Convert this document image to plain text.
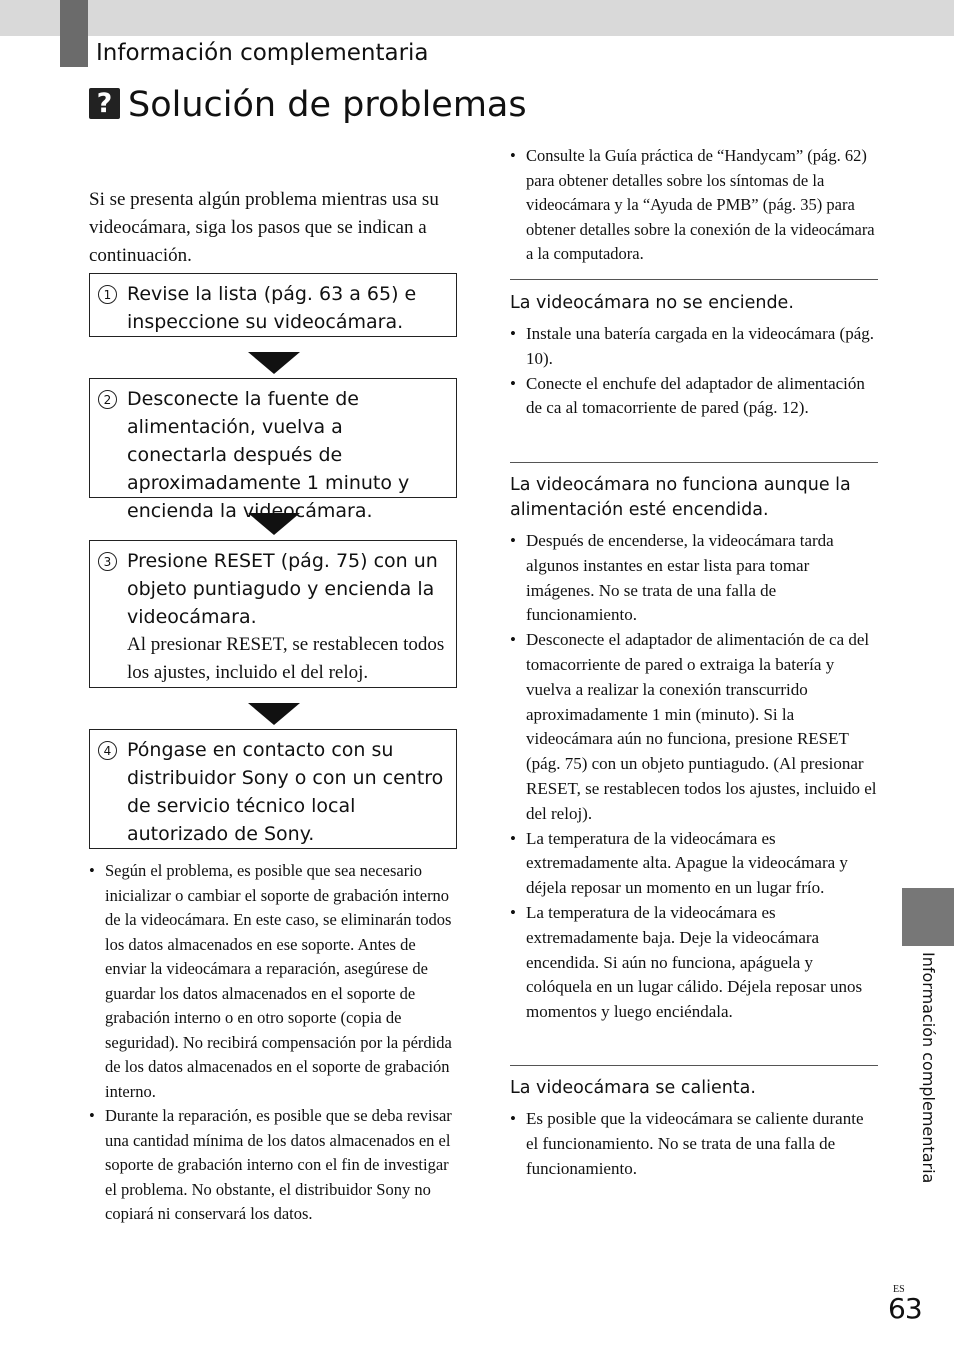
Información complementaria
? Solución de problemas
Si se presenta algún problema mientras usa su videocámara, siga los pasos que se indican a continuación.
1 Revise la lista (pág. 63 a 65) e inspeccione su videocámara.
2 Desconecte la fuente de alimentación, vuelva a conectarla después de aproximadamente 1 minuto y encienda la videocámara.
3 Presione RESET (pág. 75) con un objeto puntiagudo y encienda la videocámara.
Al presionar RESET, se restablecen todos los ajustes, incluido el del reloj.
4 Póngase en contacto con su distribuidor Sony o con un centro de servicio técnico local autorizado de Sony.
• Según el problema, es posible que sea necesario inicializar o cambiar el soporte de grabación interno de la videocámara. En este caso, se eliminarán todos los datos almacenados en ese soporte. Antes de enviar la videocámara a reparación, asegúrese de guardar los datos almacenados en el soporte de grabación interno o en otro soporte (copia de seguridad). No recibirá compensación por la pérdida de los datos almacenados en el soporte de grabación interno.
• Durante la reparación, es posible que se deba revisar una cantidad mínima de los datos almacenados en el soporte de grabación interno con el fin de investigar el problema. No obstante, el distribuidor Sony no copiará ni conservará los datos.
• Consulte la Guía práctica de “Handycam” (pág. 62) para obtener detalles sobre los síntomas de la videocámara y la “Ayuda de PMB” (pág. 35) para obtener detalles sobre la conexión de la videocámara a la computadora.
La videocámara no se enciende.
• Instale una batería cargada en la videocámara (pág. 10).
• Conecte el enchufe del adaptador de alimentación de ca al tomacorriente de pared (pág. 12).
La videocámara no funciona aunque la alimentación esté encendida.
• Después de encenderse, la videocámara tarda algunos instantes en estar lista para tomar imágenes. No se trata de una falla de funcionamiento.
• Desconecte el adaptador de alimentación de ca del tomacorriente de pared o extraiga la batería y vuelva a realizar la conexión transcurrido aproximadamente 1 min (minuto). Si la videocámara aún no funciona, presione RESET (pág. 75) con un objeto puntiagudo. (Al presionar RESET, se restablecen todos los ajustes, incluido el del reloj).
• La temperatura de la videocámara es extremadamente alta. Apague la videocámara y déjela reposar un momento en un lugar frío.
• La temperatura de la videocámara es extremadamente baja. Deje la videocámara encendida. Si aún no funciona, apáguela y colóquela en un lugar cálido. Déjela reposar unos momentos y luego enciéndala.
La videocámara se calienta.
• Es posible que la videocámara se caliente durante el funcionamiento. No se trata de una falla de funcionamiento.	Información complementaria
ES
63
